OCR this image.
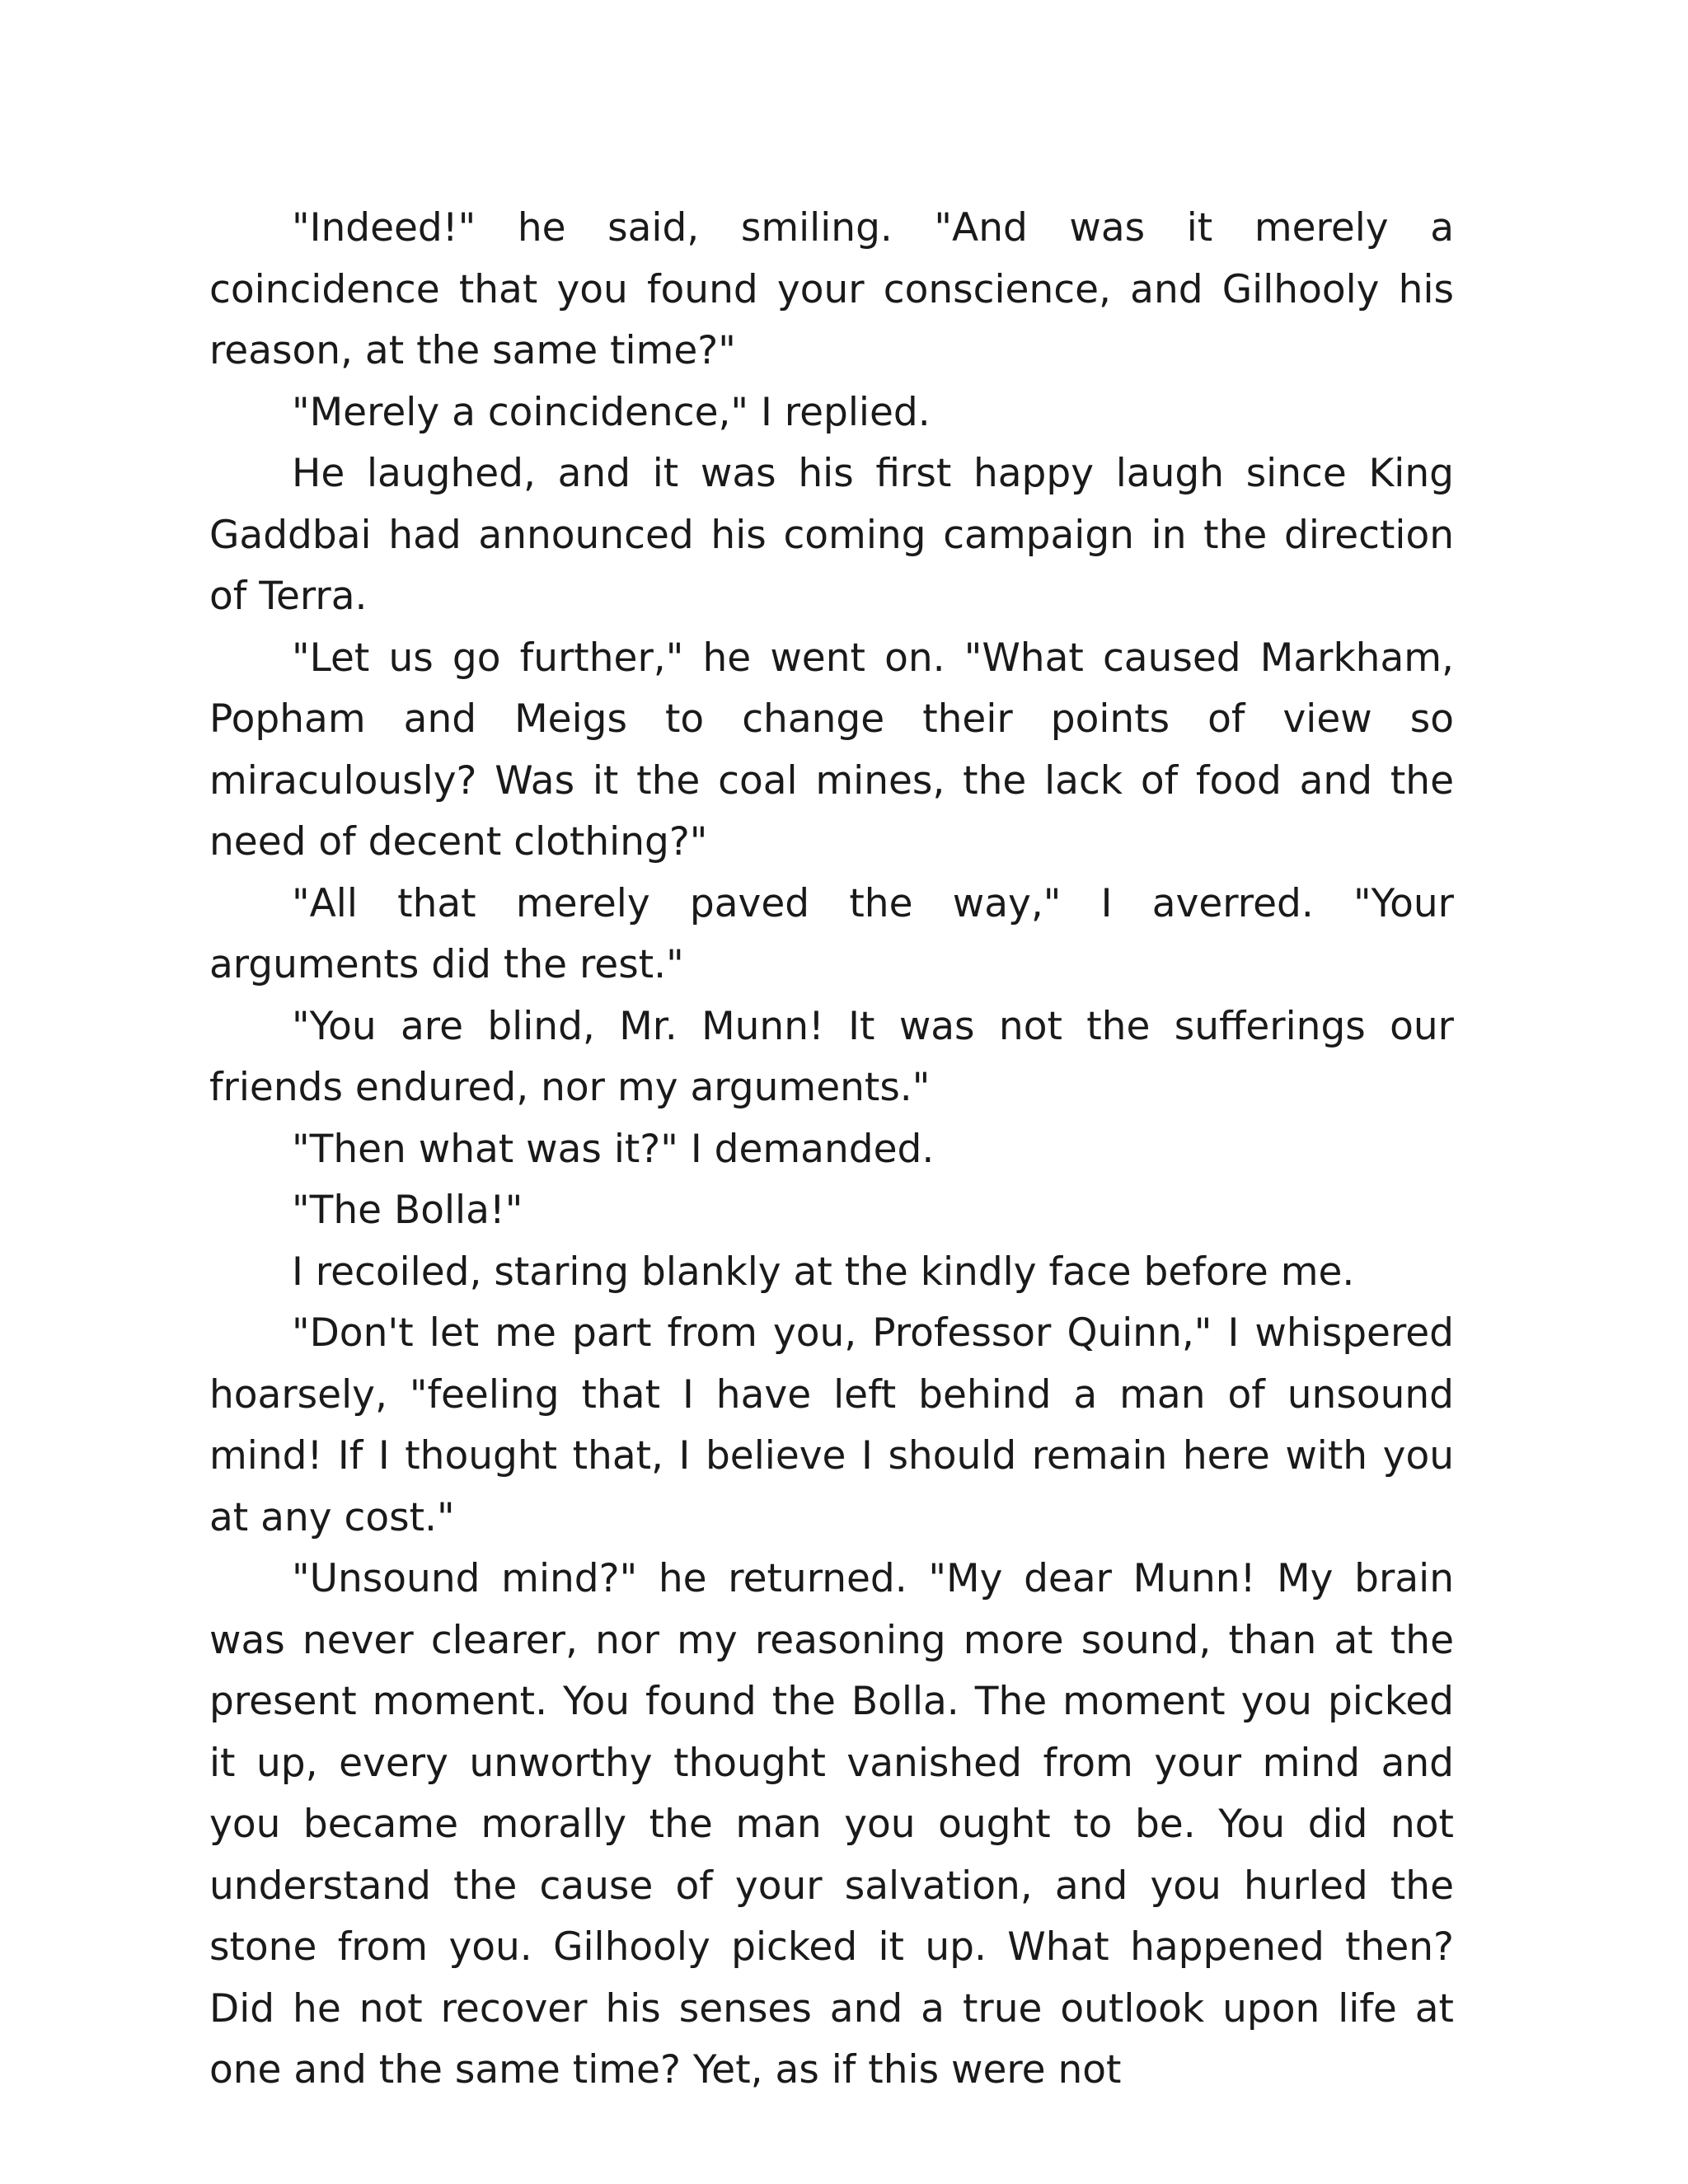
"Indeed!" he said, smiling. "And was it merely a coincidence that you found your conscience, and Gilhooly his reason, at the same time?"

"Merely a coincidence," I replied.

He laughed, and it was his first happy laugh since King Gaddbai had announced his coming campaign in the direction of Terra.

"Let us go further," he went on. "What caused Markham, Popham and Meigs to change their points of view so miraculously? Was it the coal mines, the lack of food and the need of decent clothing?"

"All that merely paved the way," I averred. "Your arguments did the rest."

"You are blind, Mr. Munn! It was not the sufferings our friends endured, nor my arguments."

"Then what was it?" I demanded.

"The Bolla!"

I recoiled, staring blankly at the kindly face before me.

"Don't let me part from you, Professor Quinn," I whispered hoarsely, "feeling that I have left behind a man of unsound mind! If I thought that, I believe I should remain here with you at any cost."

"Unsound mind?" he returned. "My dear Munn! My brain was never clearer, nor my reasoning more sound, than at the present moment. You found the Bolla. The moment you picked it up, every unworthy thought vanished from your mind and you became morally the man you ought to be. You did not understand the cause of your salvation, and you hurled the stone from you. Gilhooly picked it up. What happened then? Did he not recover his senses and a true outlook upon life at one and the same time? Yet, as if this were not
